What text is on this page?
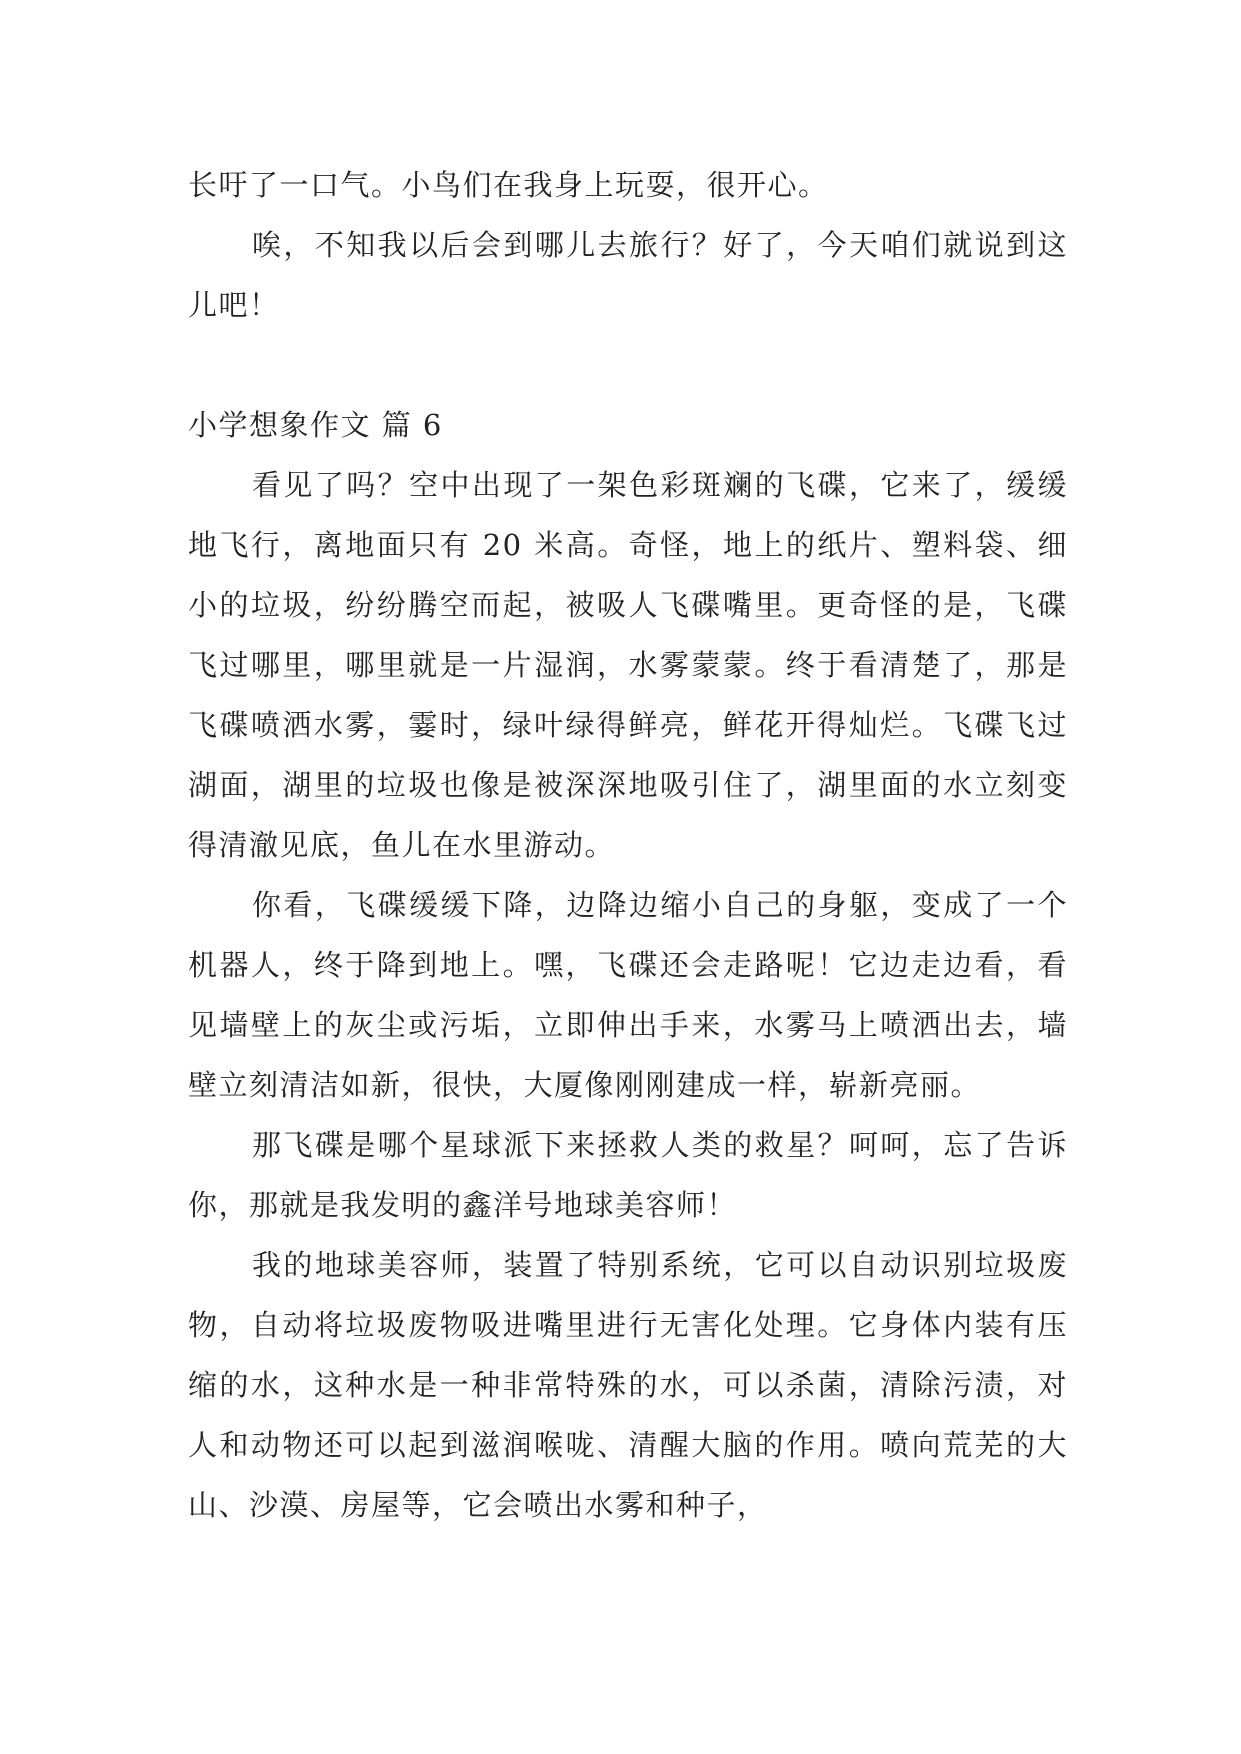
长吁了一口气。小鸟们在我身上玩耍，很开心。

唉，不知我以后会到哪儿去旅行？好了，今天咱们就说到这儿吧！

小学想象作文 篇 6

看见了吗？空中出现了一架色彩斑斓的飞碟，它来了，缓缓地飞行，离地面只有 20 米高。奇怪，地上的纸片、塑料袋、细小的垃圾，纷纷腾空而起，被吸人飞碟嘴里。更奇怪的是，飞碟飞过哪里，哪里就是一片湿润，水雾蒙蒙。终于看清楚了，那是飞碟喷洒水雾，霎时，绿叶绿得鲜亮，鲜花开得灿烂。飞碟飞过湖面，湖里的垃圾也像是被深深地吸引住了，湖里面的水立刻变得清澈见底，鱼儿在水里游动。

你看，飞碟缓缓下降，边降边缩小自己的身躯，变成了一个机器人，终于降到地上。嘿，飞碟还会走路呢！它边走边看，看见墙壁上的灰尘或污垢，立即伸出手来，水雾马上喷洒出去，墙壁立刻清洁如新，很快，大厦像刚刚建成一样，崭新亮丽。

那飞碟是哪个星球派下来拯救人类的救星？呵呵，忘了告诉你，那就是我发明的鑫洋号地球美容师！

我的地球美容师，装置了特别系统，它可以自动识别垃圾废物，自动将垃圾废物吸进嘴里进行无害化处理。它身体内装有压缩的水，这种水是一种非常特殊的水，可以杀菌，清除污渍，对人和动物还可以起到滋润喉咙、清醒大脑的作用。喷向荒芜的大山、沙漠、房屋等，它会喷出水雾和种子，
